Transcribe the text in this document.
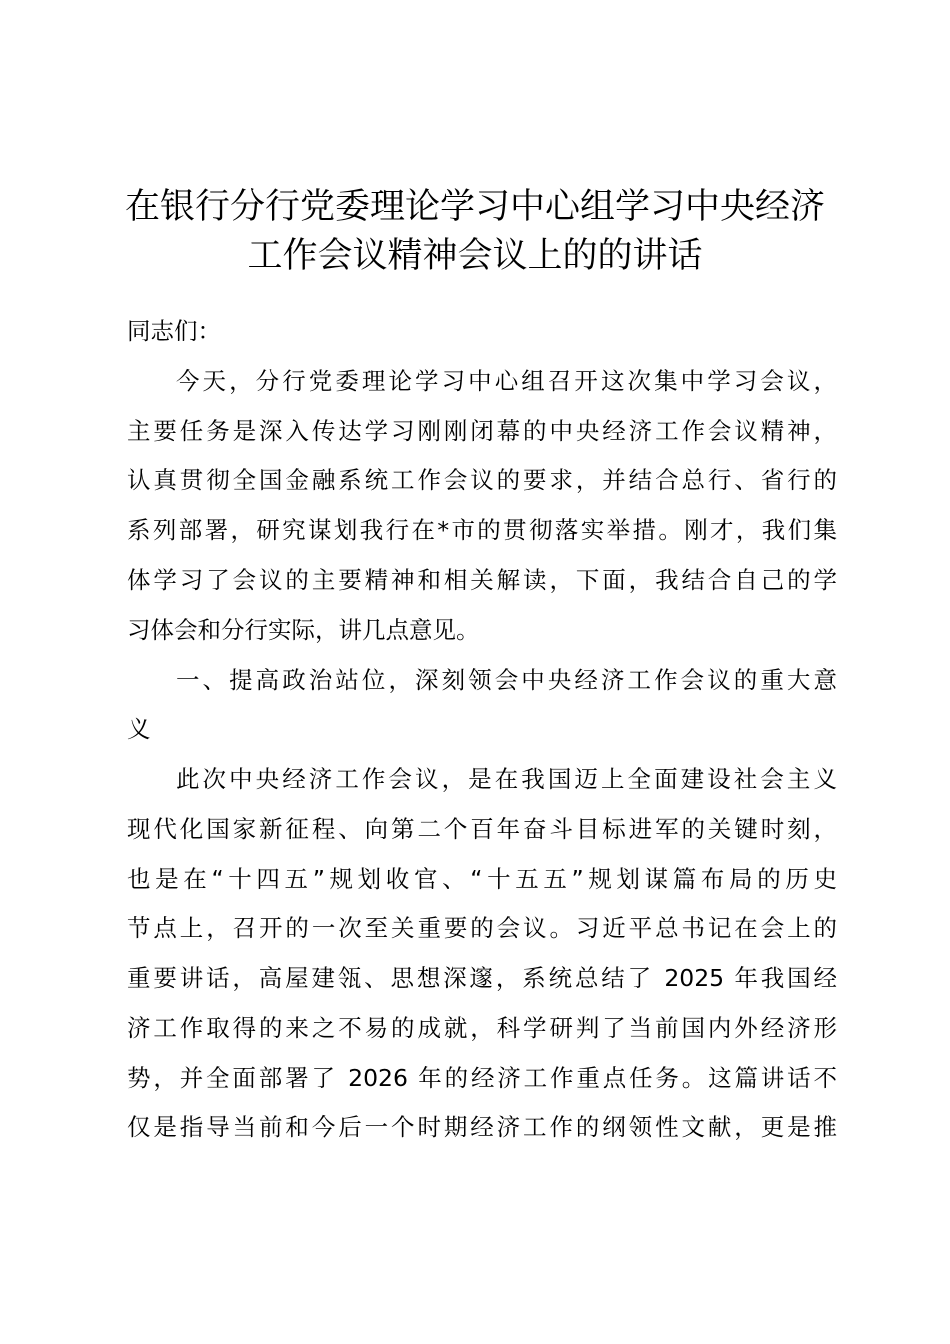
在银行分行党委理论学习中心组学习中央经济
工作会议精神会议上的的讲话
同志们：
今天，分行党委理论学习中心组召开这次集中学习会议，
主要任务是深入传达学习刚刚闭幕的中央经济工作会议精神，
认真贯彻全国金融系统工作会议的要求，并结合总行、省行的
系列部署，研究谋划我行在*市的贯彻落实举措。刚才，我们集
体学习了会议的主要精神和相关解读，下面，我结合自己的学
习体会和分行实际，讲几点意见。
一、提高政治站位，深刻领会中央经济工作会议的重大意
义
此次中央经济工作会议，是在我国迈上全面建设社会主义
现代化国家新征程、向第二个百年奋斗目标进军的关键时刻，
也是在“十四五”规划收官、“十五五”规划谋篇布局的历史
节点上，召开的一次至关重要的会议。习近平总书记在会上的
重要讲话，高屋建瓴、思想深邃，系统总结了 2025 年我国经
济工作取得的来之不易的成就，科学研判了当前国内外经济形
势，并全面部署了 2026 年的经济工作重点任务。这篇讲话不
仅是指导当前和今后一个时期经济工作的纲领性文献，更是推
